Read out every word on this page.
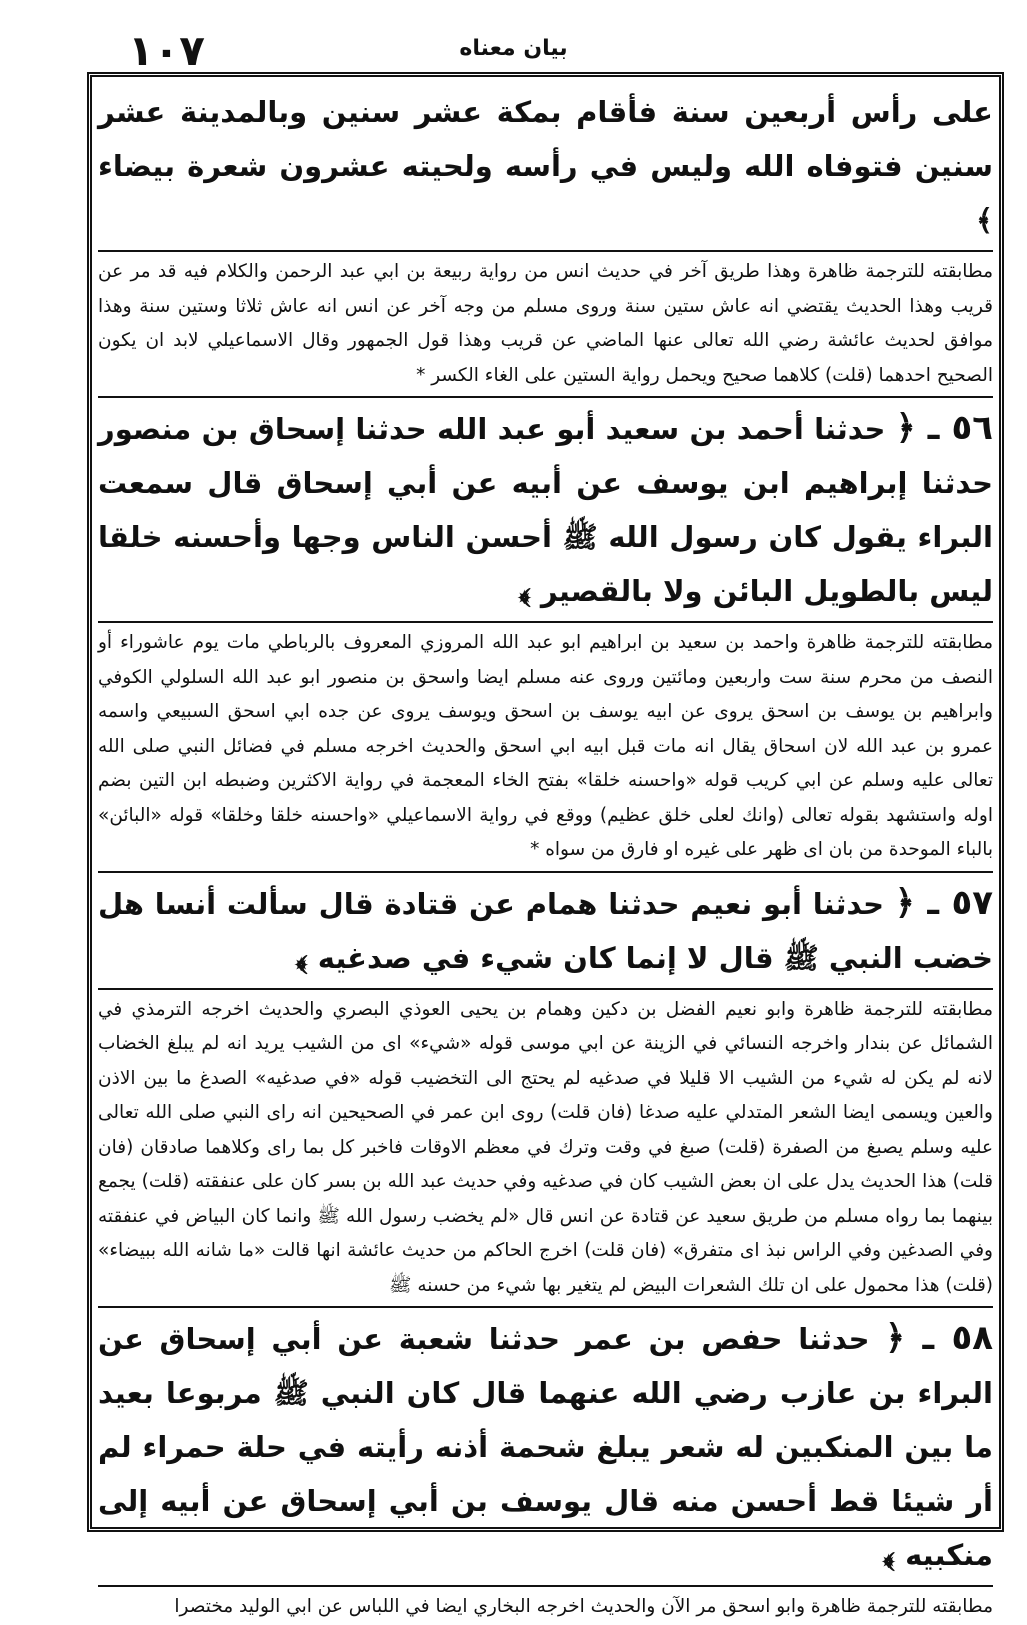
١٠٧	بيان معناه

على رأس أربعين سنة فأقام بمكة عشر سنين وبالمدينة عشر سنين فتوفاه الله وليس في رأسه ولحيته عشرون شعرة بيضاء ﴾

مطابقته للترجمة ظاهرة وهذا طريق آخر في حديث انس من رواية ربيعة بن ابي عبد الرحمن والكلام فيه قد مر عن قريب وهذا الحديث يقتضي انه عاش ستين سنة وروى مسلم من وجه آخر عن انس انه عاش ثلاثا وستين سنة وهذا موافق لحديث عائشة رضي الله تعالى عنها الماضي عن قريب وهذا قول الجمهور وقال الاسماعيلي لابد ان يكون الصحيح احدهما (قلت) كلاهما صحيح ويحمل رواية الستين على الغاء الكسر *

٥٦ ـ ﴿ حدثنا أحمد بن سعيد أبو عبد الله حدثنا إسحاق بن منصور حدثنا إبراهيم ابن يوسف عن أبيه عن أبي إسحاق قال سمعت البراء يقول كان رسول الله ﷺ أحسن الناس وجها وأحسنه خلقا ليس بالطويل البائن ولا بالقصير ﴾

مطابقته للترجمة ظاهرة واحمد بن سعيد بن ابراهيم ابو عبد الله المروزي المعروف بالرباطي مات يوم عاشوراء أو النصف من محرم سنة ست واربعين ومائتين وروى عنه مسلم ايضا واسحق بن منصور ابو عبد الله السلولي الكوفي وابراهيم بن يوسف بن اسحق يروى عن ابيه يوسف بن اسحق ويوسف يروى عن جده ابي اسحق السبيعي واسمه عمرو بن عبد الله لان اسحاق يقال انه مات قبل ابيه ابي اسحق والحديث اخرجه مسلم في فضائل النبي صلى الله تعالى عليه وسلم عن ابي كريب قوله «واحسنه خلقا» بفتح الخاء المعجمة في رواية الاكثرين وضبطه ابن التين بضم اوله واستشهد بقوله تعالى (وانك لعلى خلق عظيم) ووقع في رواية الاسماعيلي «واحسنه خلقا وخلقا» قوله «البائن» بالباء الموحدة من بان اى ظهر على غيره او فارق من سواه *

٥٧ ـ ﴿ حدثنا أبو نعيم حدثنا همام عن قتادة قال سألت أنسا هل خضب النبي ﷺ قال لا إنما كان شيء في صدغيه ﴾

مطابقته للترجمة ظاهرة وابو نعيم الفضل بن دكين وهمام بن يحيى العوذي البصري والحديث اخرجه الترمذي في الشمائل عن بندار واخرجه النسائي في الزينة عن ابي موسى قوله «شيء» اى من الشيب يريد انه لم يبلغ الخضاب لانه لم يكن له شيء من الشيب الا قليلا في صدغيه لم يحتج الى التخضيب قوله «في صدغيه» الصدغ ما بين الاذن والعين ويسمى ايضا الشعر المتدلي عليه صدغا (فان قلت) روى ابن عمر في الصحيحين انه راى النبي صلى الله تعالى عليه وسلم يصبغ من الصفرة (قلت) صبغ في وقت وترك في معظم الاوقات فاخبر كل بما راى وكلاهما صادقان (فان قلت) هذا الحديث يدل على ان بعض الشيب كان في صدغيه وفي حديث عبد الله بن بسر كان على عنفقته (قلت) يجمع بينهما بما رواه مسلم من طريق سعيد عن قتادة عن انس قال «لم يخضب رسول الله ﷺ وانما كان البياض في عنفقته وفي الصدغين وفي الراس نبذ اى متفرق» (فان قلت) اخرج الحاكم من حديث عائشة انها قالت «ما شانه الله ببيضاء» (قلت) هذا محمول على ان تلك الشعرات البيض لم يتغير بها شيء من حسنه ﷺ

٥٨ ـ ﴿ حدثنا حفص بن عمر حدثنا شعبة عن أبي إسحاق عن البراء بن عازب رضي الله عنهما قال كان النبي ﷺ مربوعا بعيد ما بين المنكبين له شعر يبلغ شحمة أذنه رأيته في حلة حمراء لم أر شيئا قط أحسن منه قال يوسف بن أبي إسحاق عن أبيه إلى منكبيه ﴾

مطابقته للترجمة ظاهرة وابو اسحق مر الآن والحديث اخرجه البخاري ايضا في اللباس عن ابي الوليد مختصرا
